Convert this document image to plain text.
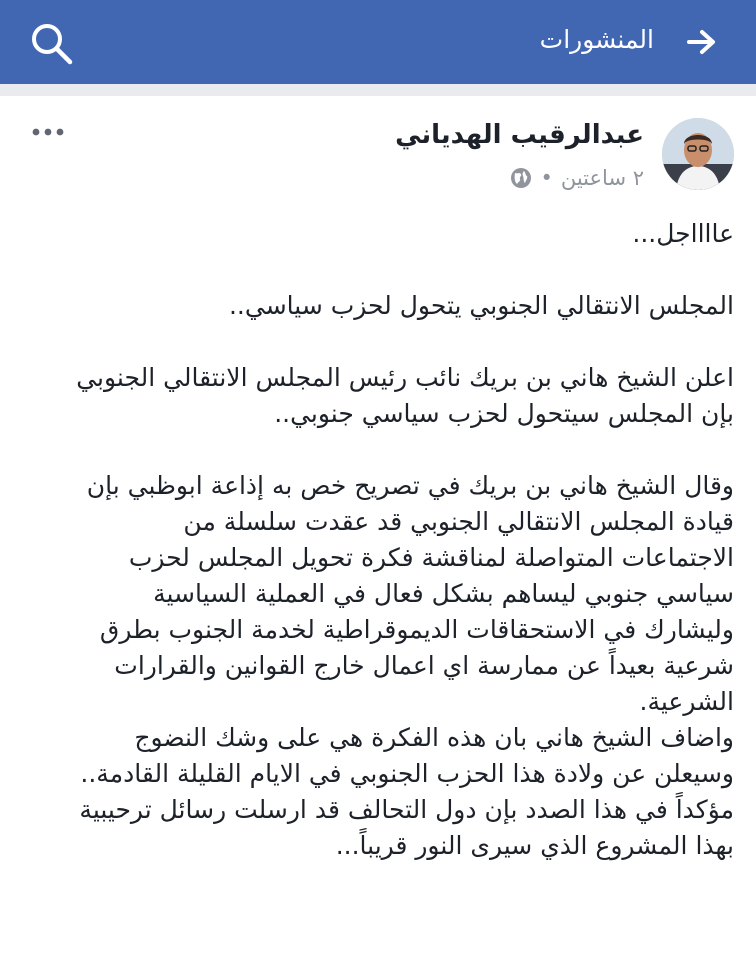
المنشورات
عبدالرقيب الهدياني
٢ ساعتين
•

عااااجل...

المجلس الانتقالي الجنوبي يتحول لحزب سياسي..

اعلن الشيخ هاني بن بريك نائب رئيس المجلس الانتقالي الجنوبي

بإن المجلس سيتحول لحزب سياسي جنوبي..

وقال الشيخ هاني بن بريك في تصريح خص به إذاعة ابوظبي بإن

قيادة المجلس الانتقالي الجنوبي قد عقدت سلسلة من

الاجتماعات المتواصلة لمناقشة فكرة تحويل المجلس لحزب

سياسي جنوبي ليساهم بشكل فعال في العملية السياسية

وليشارك في الاستحقاقات الديموقراطية لخدمة الجنوب بطرق

شرعية بعيداً عن ممارسة اي اعمال خارج القوانين والقرارات

الشرعية.

واضاف الشيخ هاني بان هذه الفكرة هي على وشك النضوج

وسيعلن عن ولادة هذا الحزب الجنوبي في الايام القليلة القادمة..

مؤكداً في هذا الصدد بإن دول التحالف قد ارسلت رسائل ترحيبية

بهذا المشروع الذي سيرى النور قريباً...
